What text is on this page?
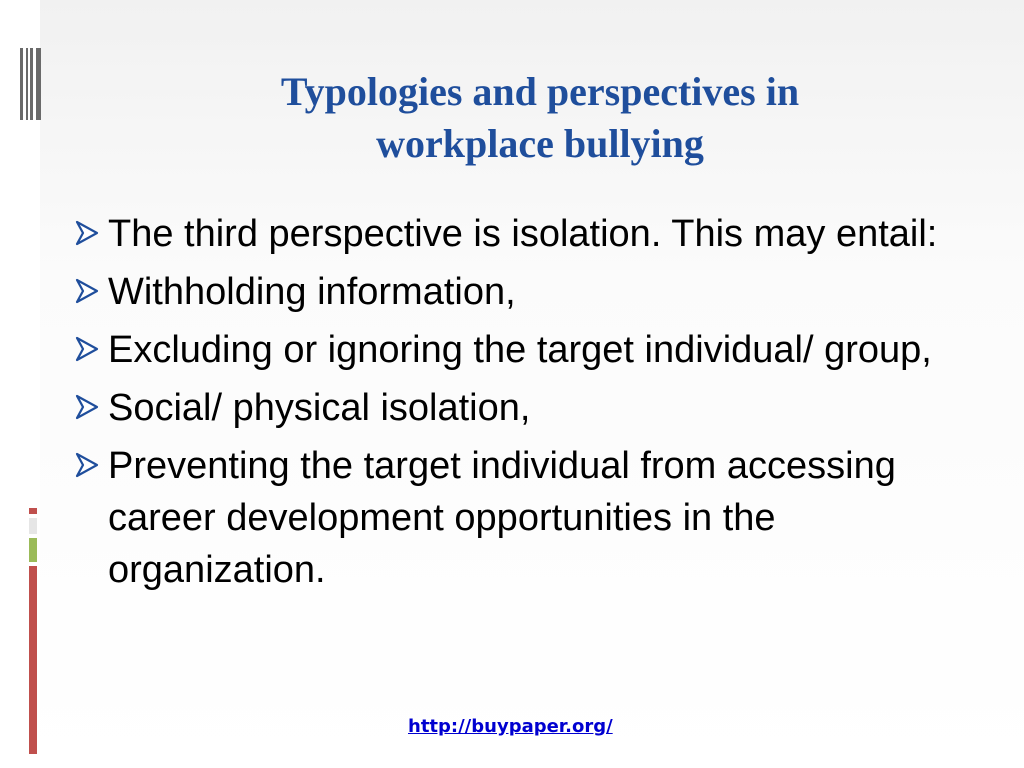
Typologies and perspectives in
workplace bullying
The third perspective is isolation. This may entail:
Withholding information,
Excluding or ignoring the target individual/ group,
Social/ physical isolation,
Preventing the target individual from accessing career development opportunities in the organization.
http://buypaper.org/
